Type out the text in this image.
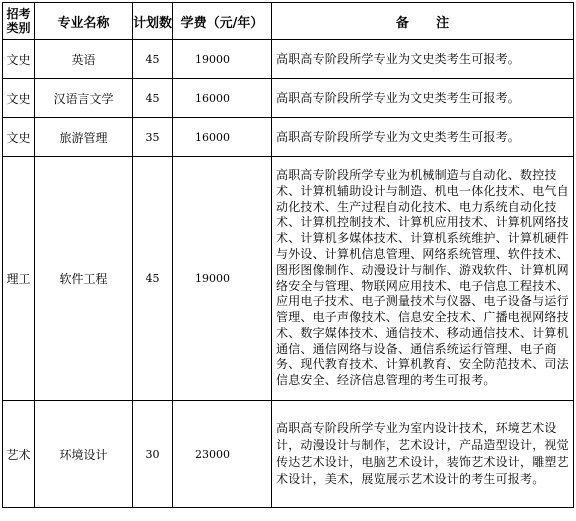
招考类别	专业名称	计划数	学费（元/年）	备      注
文史	英语	45	19000	高职高专阶段所学专业为文史类考生可报考。
文史	汉语言文学	45	16000	高职高专阶段所学专业为文史类考生可报考。
文史	旅游管理	35	16000	高职高专阶段所学专业为文史类考生可报考。
理工	软件工程	45	19000	高职高专阶段所学专业为机械制造与自动化、数控技术、计算机辅助设计与制造、机电一体化技术、电气自动化技术、生产过程自动化技术、电力系统自动化技术、计算机控制技术、计算机应用技术、计算机网络技术、计算机多媒体技术、计算机系统维护、计算机硬件与外设、计算机信息管理、网络系统管理、软件技术、图形图像制作、动漫设计与制作、游戏软件、计算机网络安全与管理、物联网应用技术、电子信息工程技术、应用电子技术、电子测量技术与仪器、电子设备与运行管理、电子声像技术、信息安全技术、广播电视网络技术、数字媒体技术、通信技术、移动通信技术、计算机通信、通信网络与设备、通信系统运行管理、电子商务、现代教育技术、计算机教育、安全防范技术、司法信息安全、经济信息管理的考生可报考。
艺术	环境设计	30	23000	高职高专阶段所学专业为室内设计技术，环境艺术设计，动漫设计与制作，艺术设计，产品造型设计，视觉传达艺术设计，电脑艺术设计，装饰艺术设计，雕塑艺术设计，美术，展览展示艺术设计的考生可报考。
